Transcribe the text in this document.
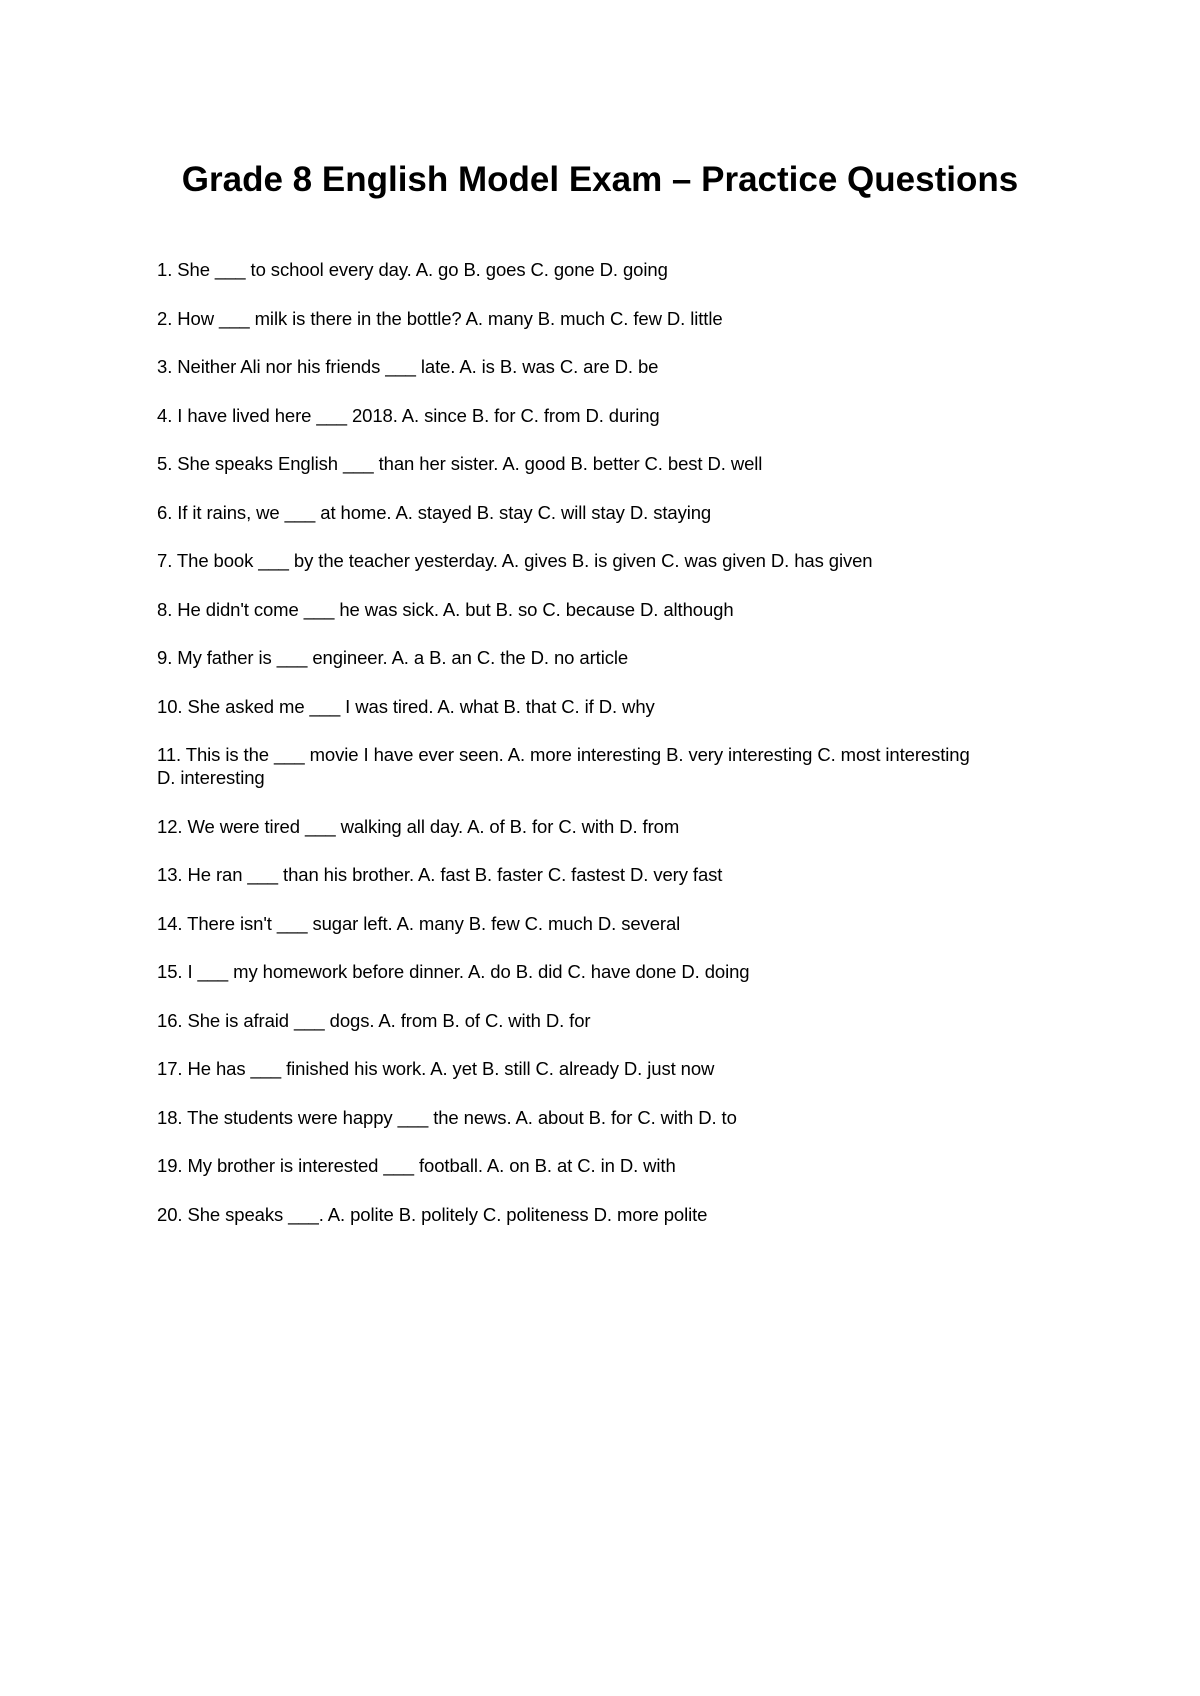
Grade 8 English Model Exam – Practice Questions
1. She ___ to school every day. A. go B. goes C. gone D. going
2. How ___ milk is there in the bottle? A. many B. much C. few D. little
3. Neither Ali nor his friends ___ late. A. is B. was C. are D. be
4. I have lived here ___ 2018. A. since B. for C. from D. during
5. She speaks English ___ than her sister. A. good B. better C. best D. well
6. If it rains, we ___ at home. A. stayed B. stay C. will stay D. staying
7. The book ___ by the teacher yesterday. A. gives B. is given C. was given D. has given
8. He didn't come ___ he was sick. A. but B. so C. because D. although
9. My father is ___ engineer. A. a B. an C. the D. no article
10. She asked me ___ I was tired. A. what B. that C. if D. why
11. This is the ___ movie I have ever seen. A. more interesting B. very interesting C. most interesting D. interesting
12. We were tired ___ walking all day. A. of B. for C. with D. from
13. He ran ___ than his brother. A. fast B. faster C. fastest D. very fast
14. There isn't ___ sugar left. A. many B. few C. much D. several
15. I ___ my homework before dinner. A. do B. did C. have done D. doing
16. She is afraid ___ dogs. A. from B. of C. with D. for
17. He has ___ finished his work. A. yet B. still C. already D. just now
18. The students were happy ___ the news. A. about B. for C. with D. to
19. My brother is interested ___ football. A. on B. at C. in D. with
20. She speaks ___. A. polite B. politely C. politeness D. more polite
